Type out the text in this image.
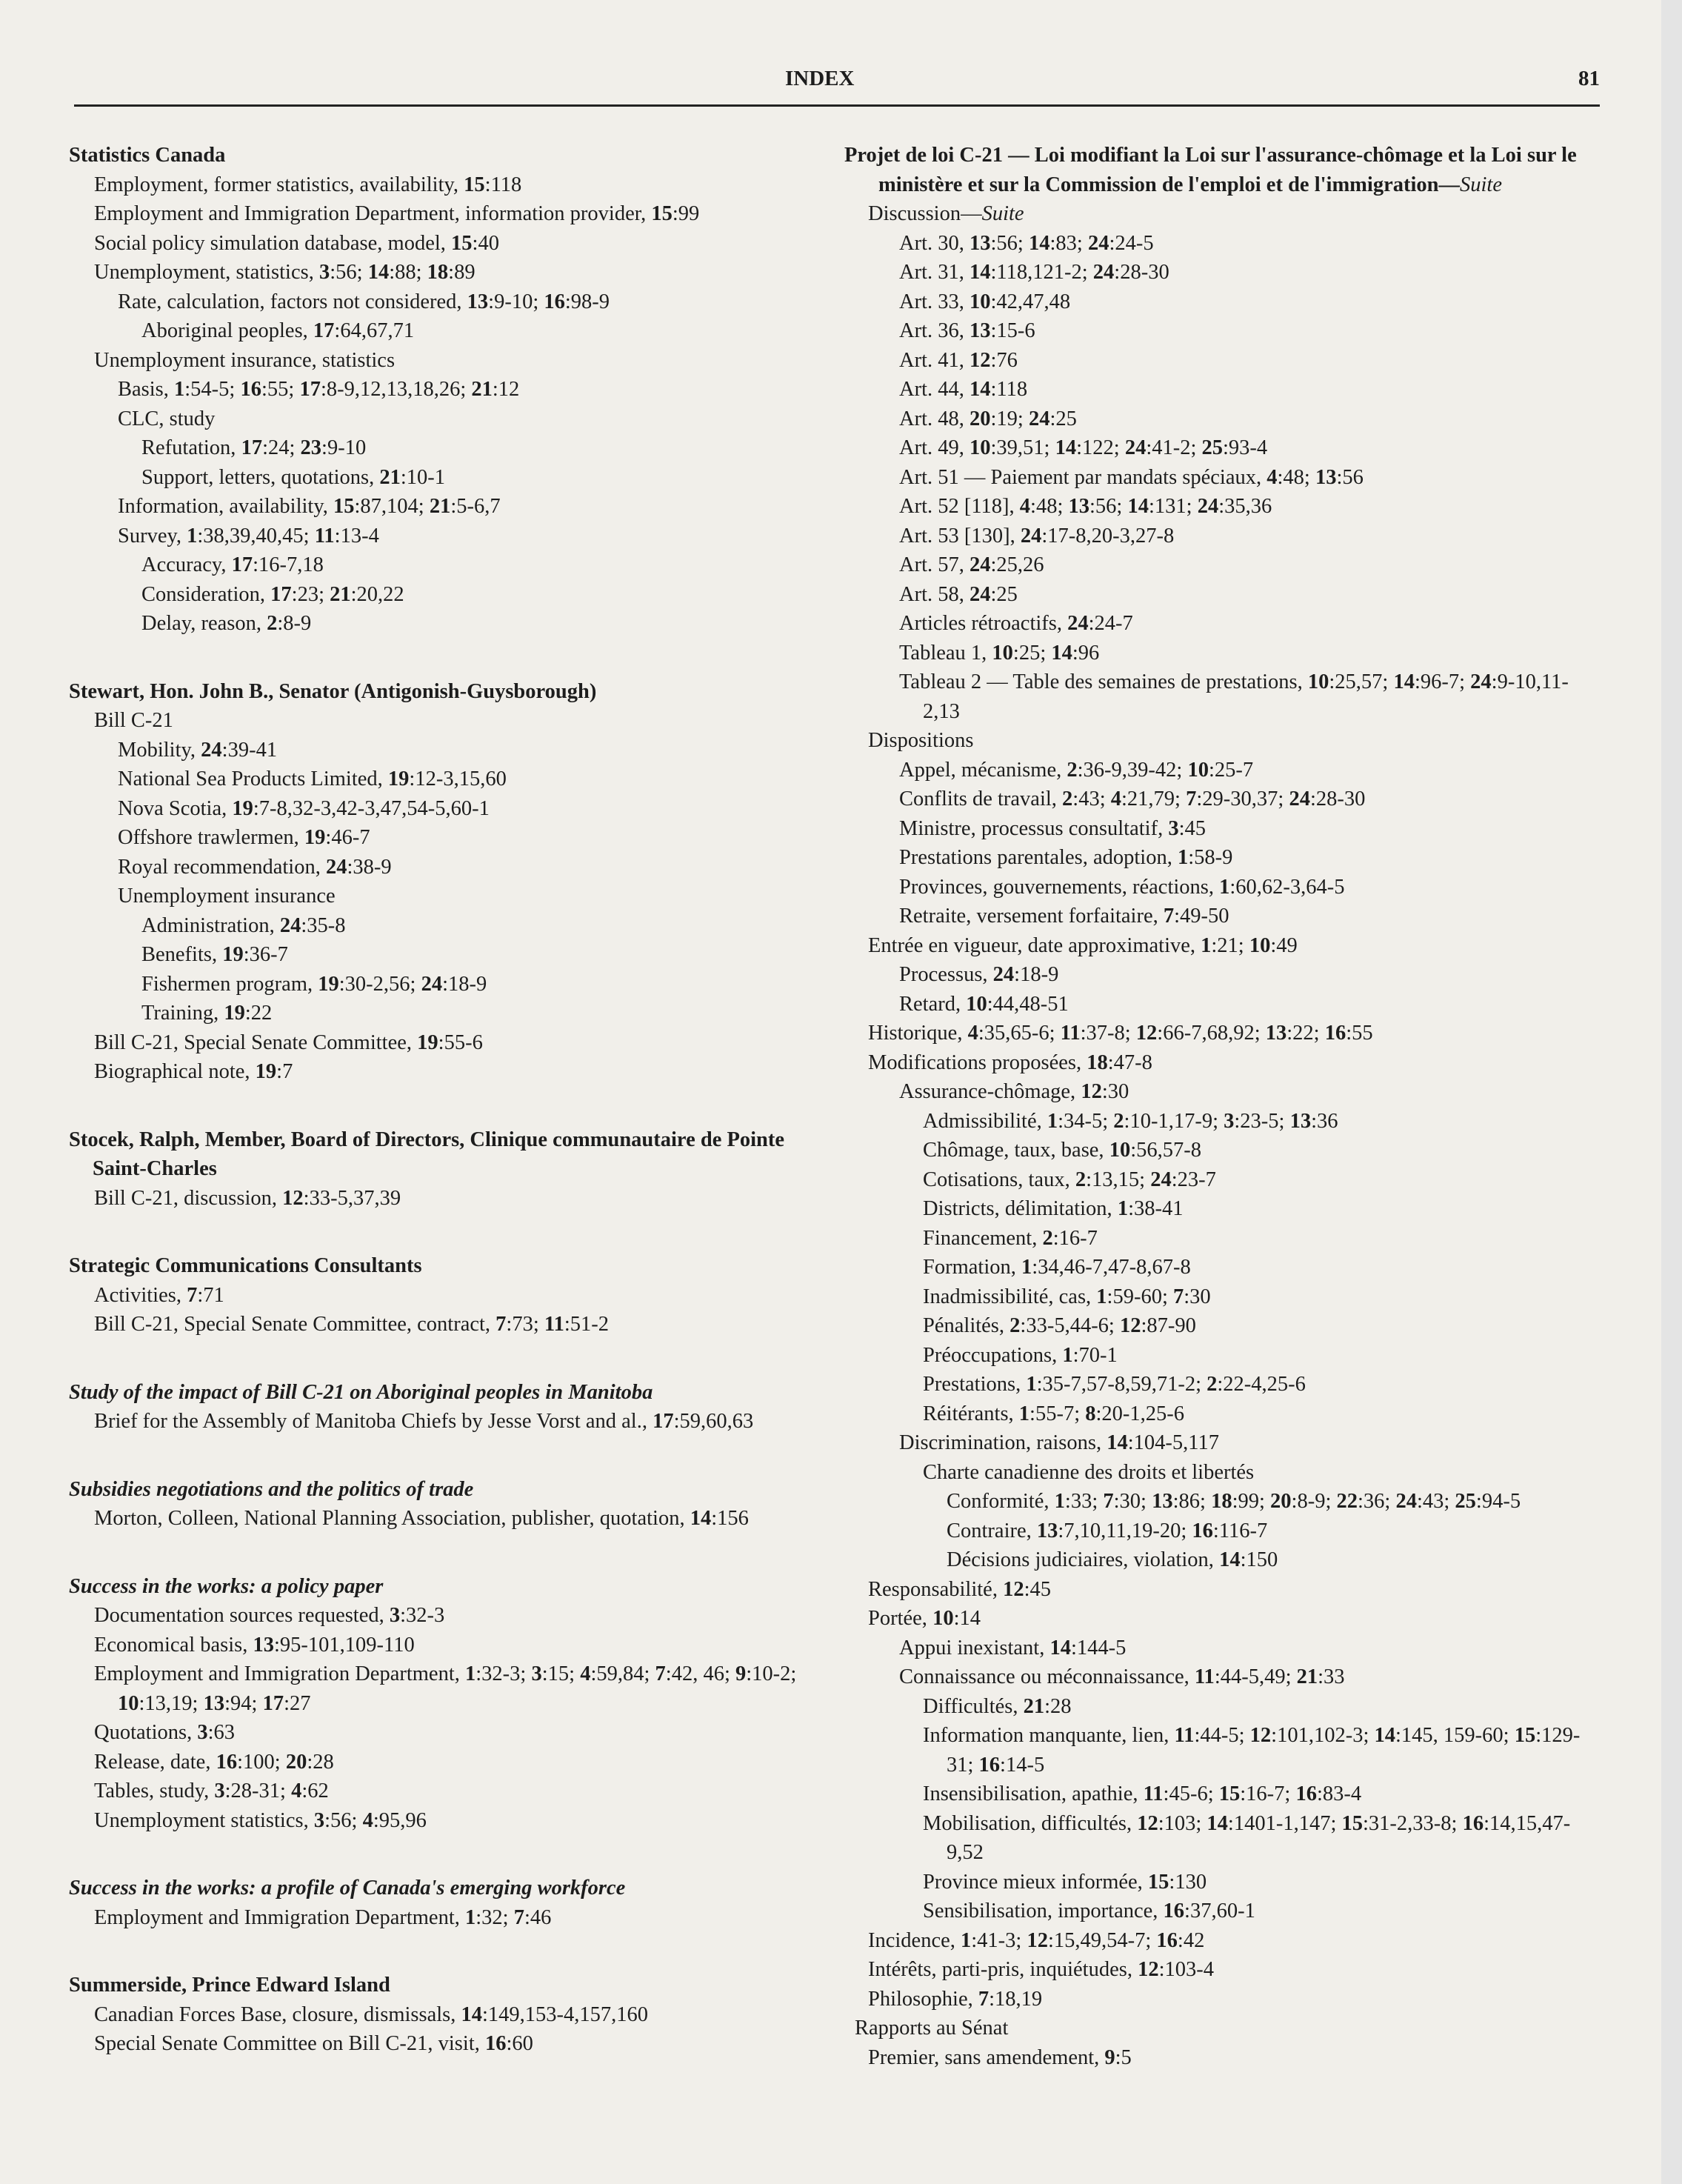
INDEX	81
Statistics Canada
Employment, former statistics, availability, 15:118
Employment and Immigration Department, information provider, 15:99
Social policy simulation database, model, 15:40
Unemployment, statistics, 3:56; 14:88; 18:89
Rate, calculation, factors not considered, 13:9-10; 16:98-9
Aboriginal peoples, 17:64,67,71
Unemployment insurance, statistics
Basis, 1:54-5; 16:55; 17:8-9,12,13,18,26; 21:12
CLC, study
Refutation, 17:24; 23:9-10
Support, letters, quotations, 21:10-1
Information, availability, 15:87,104; 21:5-6,7
Survey, 1:38,39,40,45; 11:13-4
Accuracy, 17:16-7,18
Consideration, 17:23; 21:20,22
Delay, reason, 2:8-9
Stewart, Hon. John B., Senator (Antigonish-Guysborough)
Bill C-21
Mobility, 24:39-41
National Sea Products Limited, 19:12-3,15,60
Nova Scotia, 19:7-8,32-3,42-3,47,54-5,60-1
Offshore trawlermen, 19:46-7
Royal recommendation, 24:38-9
Unemployment insurance
Administration, 24:35-8
Benefits, 19:36-7
Fishermen program, 19:30-2,56; 24:18-9
Training, 19:22
Bill C-21, Special Senate Committee, 19:55-6
Biographical note, 19:7
Stocek, Ralph, Member, Board of Directors, Clinique communautaire de Pointe Saint-Charles
Bill C-21, discussion, 12:33-5,37,39
Strategic Communications Consultants
Activities, 7:71
Bill C-21, Special Senate Committee, contract, 7:73; 11:51-2
Study of the impact of Bill C-21 on Aboriginal peoples in Manitoba
Brief for the Assembly of Manitoba Chiefs by Jesse Vorst and al., 17:59,60,63
Subsidies negotiations and the politics of trade
Morton, Colleen, National Planning Association, publisher, quotation, 14:156
Success in the works: a policy paper
Documentation sources requested, 3:32-3
Economical basis, 13:95-101,109-110
Employment and Immigration Department, 1:32-3; 3:15; 4:59,84; 7:42, 46; 9:10-2; 10:13,19; 13:94; 17:27
Quotations, 3:63
Release, date, 16:100; 20:28
Tables, study, 3:28-31; 4:62
Unemployment statistics, 3:56; 4:95,96
Success in the works: a profile of Canada's emerging workforce
Employment and Immigration Department, 1:32; 7:46
Summerside, Prince Edward Island
Canadian Forces Base, closure, dismissals, 14:149,153-4,157,160
Special Senate Committee on Bill C-21, visit, 16:60
Projet de loi C-21 — Loi modifiant la Loi sur l'assurance-chômage et la Loi sur le ministère et sur la Commission de l'emploi et de l'immigration—Suite
Discussion—Suite
Art. 30, 13:56; 14:83; 24:24-5
Art. 31, 14:118,121-2; 24:28-30
Art. 33, 10:42,47,48
Art. 36, 13:15-6
Art. 41, 12:76
Art. 44, 14:118
Art. 48, 20:19; 24:25
Art. 49, 10:39,51; 14:122; 24:41-2; 25:93-4
Art. 51 — Paiement par mandats spéciaux, 4:48; 13:56
Art. 52 [118], 4:48; 13:56; 14:131; 24:35,36
Art. 53 [130], 24:17-8,20-3,27-8
Art. 57, 24:25,26
Art. 58, 24:25
Articles rétroactifs, 24:24-7
Tableau 1, 10:25; 14:96
Tableau 2 — Table des semaines de prestations, 10:25,57; 14:96-7; 24:9-10,11-2,13
Dispositions
Appel, mécanisme, 2:36-9,39-42; 10:25-7
Conflits de travail, 2:43; 4:21,79; 7:29-30,37; 24:28-30
Ministre, processus consultatif, 3:45
Prestations parentales, adoption, 1:58-9
Provinces, gouvernements, réactions, 1:60,62-3,64-5
Retraite, versement forfaitaire, 7:49-50
Entrée en vigueur, date approximative, 1:21; 10:49
Processus, 24:18-9
Retard, 10:44,48-51
Historique, 4:35,65-6; 11:37-8; 12:66-7,68,92; 13:22; 16:55
Modifications proposées, 18:47-8
Assurance-chômage, 12:30
Admissibilité, 1:34-5; 2:10-1,17-9; 3:23-5; 13:36
Chômage, taux, base, 10:56,57-8
Cotisations, taux, 2:13,15; 24:23-7
Districts, délimitation, 1:38-41
Financement, 2:16-7
Formation, 1:34,46-7,47-8,67-8
Inadmissibilité, cas, 1:59-60; 7:30
Pénalités, 2:33-5,44-6; 12:87-90
Préoccupations, 1:70-1
Prestations, 1:35-7,57-8,59,71-2; 2:22-4,25-6
Réitérants, 1:55-7; 8:20-1,25-6
Discrimination, raisons, 14:104-5,117
Charte canadienne des droits et libertés
Conformité, 1:33; 7:30; 13:86; 18:99; 20:8-9; 22:36; 24:43; 25:94-5
Contraire, 13:7,10,11,19-20; 16:116-7
Décisions judiciaires, violation, 14:150
Responsabilité, 12:45
Portée, 10:14
Appui inexistant, 14:144-5
Connaissance ou méconnaissance, 11:44-5,49; 21:33
Difficultés, 21:28
Information manquante, lien, 11:44-5; 12:101,102-3; 14:145, 159-60; 15:129-31; 16:14-5
Insensibilisation, apathie, 11:45-6; 15:16-7; 16:83-4
Mobilisation, difficultés, 12:103; 14:1401-1,147; 15:31-2,33-8; 16:14,15,47-9,52
Province mieux informée, 15:130
Sensibilisation, importance, 16:37,60-1
Incidence, 1:41-3; 12:15,49,54-7; 16:42
Intérêts, parti-pris, inquiétudes, 12:103-4
Philosophie, 7:18,19
Rapports au Sénat
Premier, sans amendement, 9:5
